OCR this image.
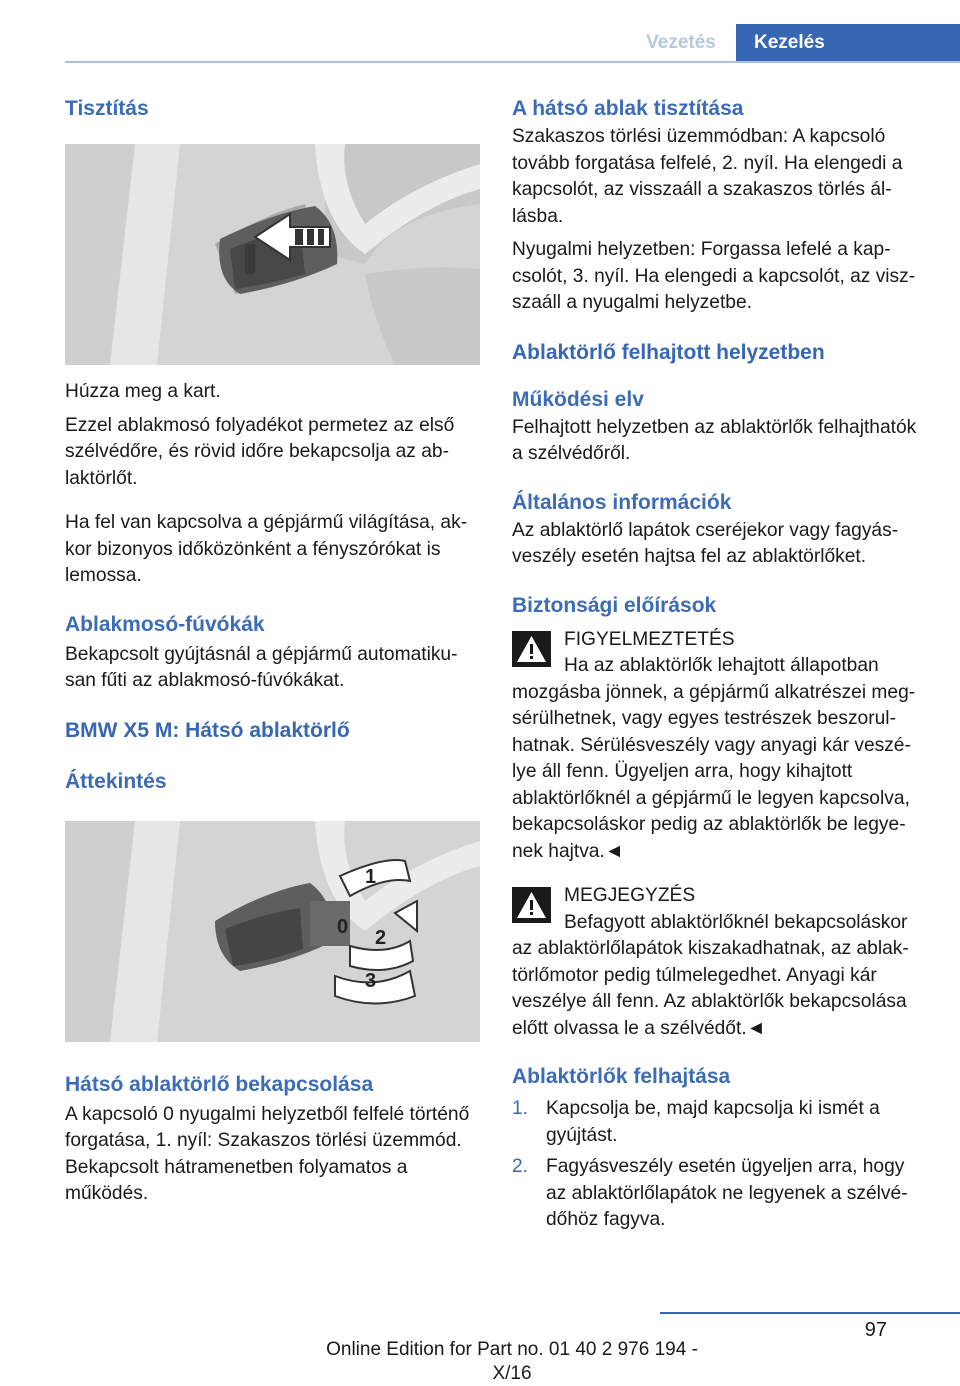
Vezetés	Kezelés
Tisztítás

Húzza meg a kart.

Ezzel ablakmosó folyadékot permetez az első szélvédőre, és rövid időre bekapcsolja az ablaktörlőt.

Ha fel van kapcsolva a gépjármű világítása, akkor bizonyos időközönként a fényszórókat is lemossa.

Ablakmosó-fúvókák

Bekapcsolt gyújtásnál a gépjármű automatikusan fűti az ablakmosó-fúvókákat.

BMW X5 M: Hátsó ablaktörlő
Áttekintés
1
0 2
3
Hátsó ablaktörlő bekapcsolása

A kapcsoló 0 nyugalmi helyzetből felfelé történő forgatása, 1. nyíl: Szakaszos törlési üzemmód. Bekapcsolt hátramenetben folyamatos a működés.

A hátsó ablak tisztítása

Szakaszos törlési üzemmódban: A kapcsoló tovább forgatása felfelé, 2. nyíl. Ha elengedi a kapcsolót, az visszaáll a szakaszos törlés állásba.

Nyugalmi helyzetben: Forgassa lefelé a kapcsolót, 3. nyíl. Ha elengedi a kapcsolót, az viszszaáll a nyugalmi helyzetbe.

Ablaktörlő felhajtott helyzetben
Működési elv

Felhajtott helyzetben az ablaktörlők felhajthatók a szélvédőről.

Általános információk

Az ablaktörlő lapátok cseréjekor vagy fagyásveszély esetén hajtsa fel az ablaktörlőket.

Biztonsági előírások

FIGYELMEZTETÉS

Ha az ablaktörlők lehajtott állapotban

mozgásba jönnek, a gépjármű alkatrészei megsérülhetnek, vagy egyes testrészek beszorulhatnak. Sérülésveszély vagy anyagi kár veszélye áll fenn. Ügyeljen arra, hogy kihajtott ablaktörlőknél a gépjármű le legyen kapcsolva, bekapcsoláskor pedig az ablaktörlők be legyenek hajtva.◄

MEGJEGYZÉS

Befagyott ablaktörlőknél bekapcsoláskor

az ablaktörlőlapátok kiszakadhatnak, az ablaktörlőmotor pedig túlmelegedhet. Anyagi kár veszélye áll fenn. Az ablaktörlők bekapcsolása előtt olvassa le a szélvédőt.◄

Ablaktörlők felhajtása
1. Kapcsolja be, majd kapcsolja ki ismét a gyújtást.
2. Fagyásveszély esetén ügyeljen arra, hogy az ablaktörlőlapátok ne legyenek a szélvédőhöz fagyva.
97
Online Edition for Part no. 01 40 2 976 194 - X/16
